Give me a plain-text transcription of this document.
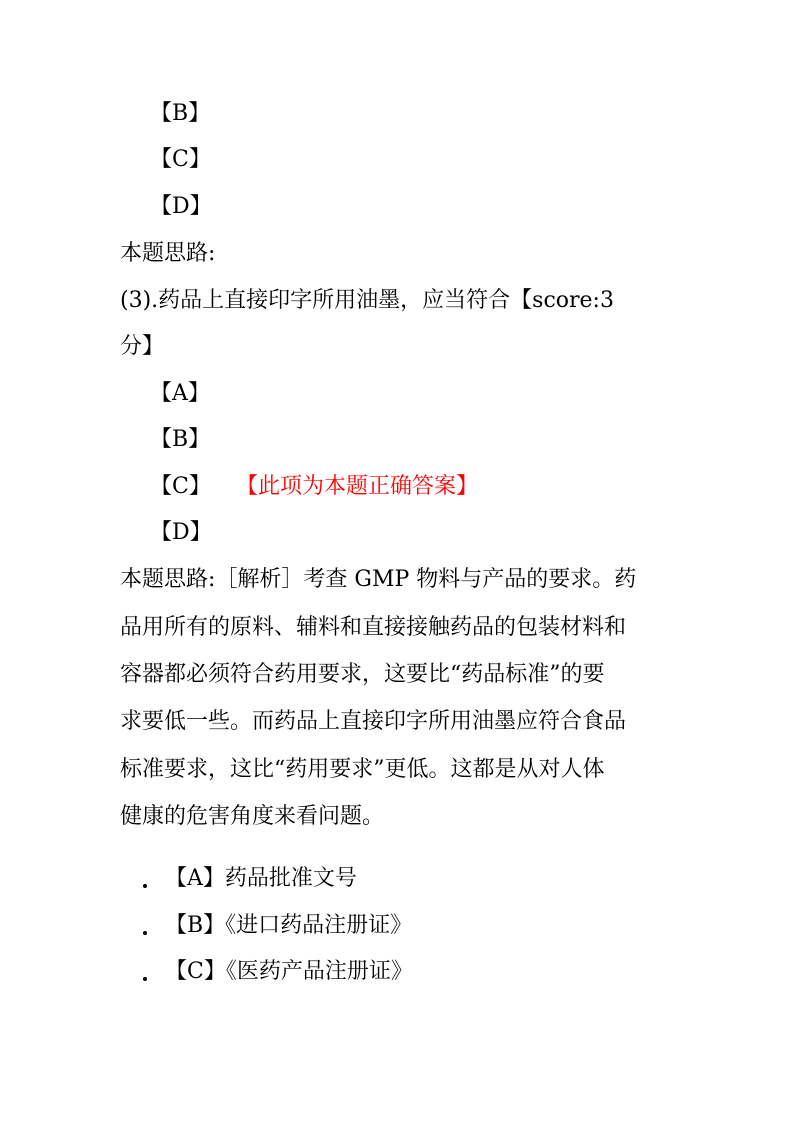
【B】
【C】
【D】
本题思路:
(3).药品上直接印字所用油墨，应当符合【score:3
分】
【A】
【B】
【C】 【此项为本题正确答案】
【D】
本题思路:［解析］考查 GMP 物料与产品的要求。药
品用所有的原料、辅料和直接接触药品的包装材料和
容器都必须符合药用要求，这要比“药品标准”的要
求要低一些。而药品上直接印字所用油墨应符合食品
标准要求，这比“药用要求”更低。这都是从对人体
健康的危害角度来看问题。
【A】药品批准文号
【B】《进口药品注册证》
【C】《医药产品注册证》
